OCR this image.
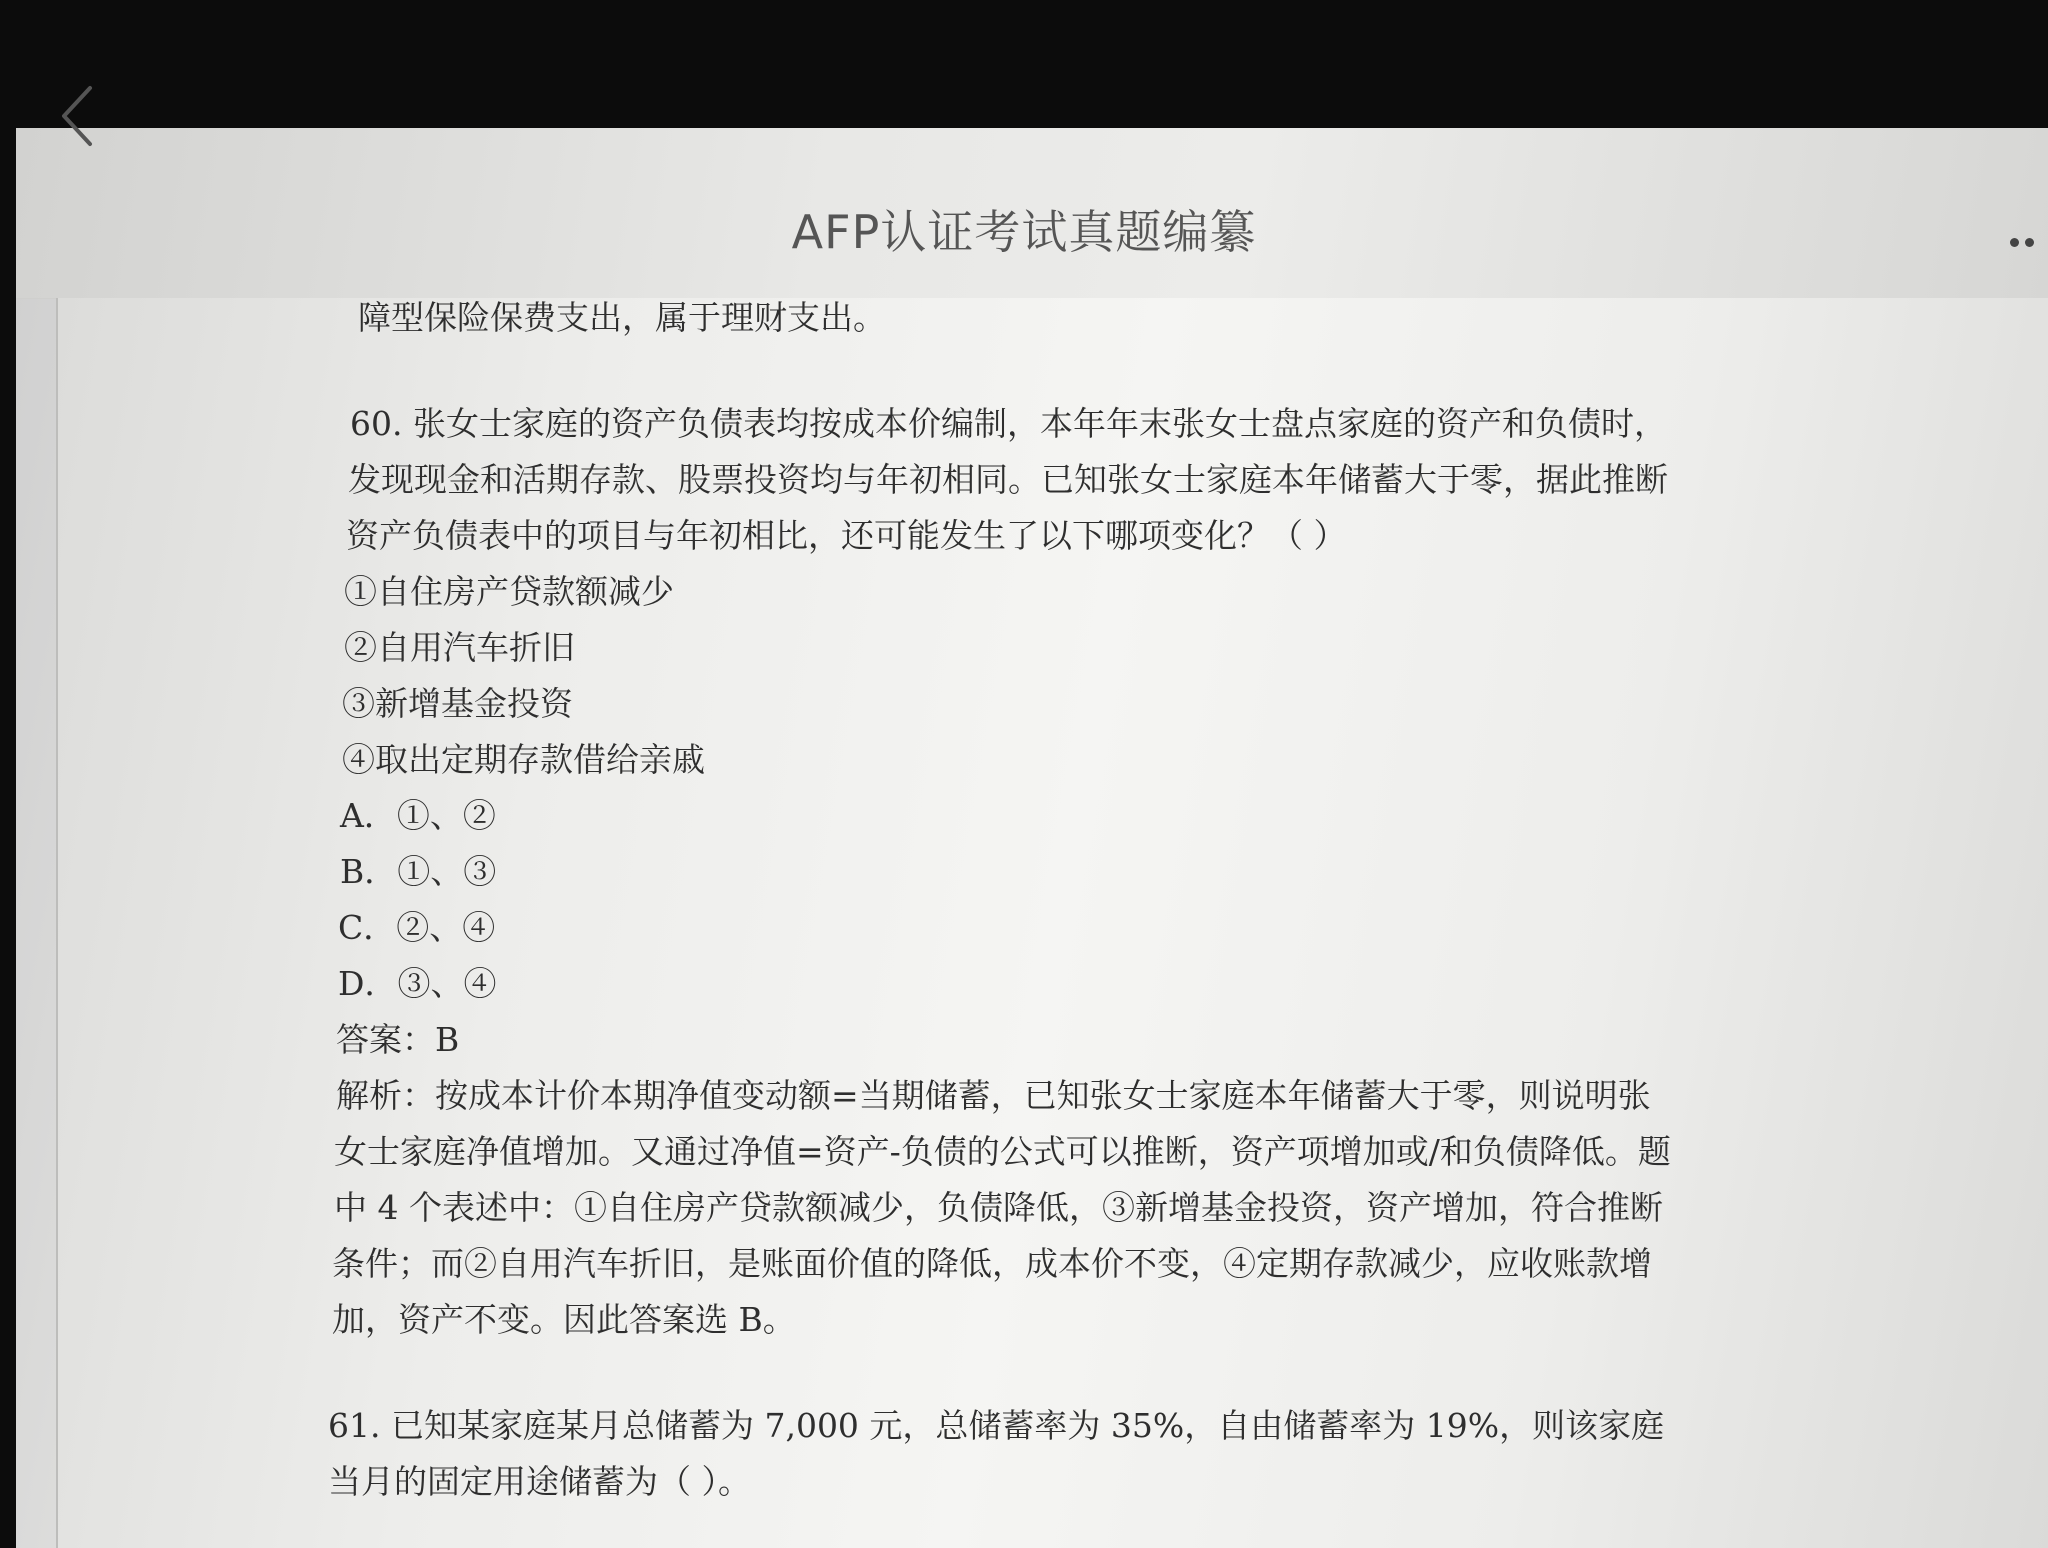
AFP认证考试真题编纂
障型保险保费支出，属于理财支出。
60. 张女士家庭的资产负债表均按成本价编制，本年年末张女士盘点家庭的资产和负债时，
发现现金和活期存款、股票投资均与年初相同。已知张女士家庭本年储蓄大于零，据此推断
资产负债表中的项目与年初相比，还可能发生了以下哪项变化？（ ）
①自住房产贷款额减少
②自用汽车折旧
③新增基金投资
④取出定期存款借给亲戚
A．①、②
B．①、③
C．②、④
D．③、④
答案：B
解析：按成本计价本期净值变动额=当期储蓄，已知张女士家庭本年储蓄大于零，则说明张
女士家庭净值增加。又通过净值=资产-负债的公式可以推断，资产项增加或/和负债降低。题
中 4 个表述中：①自住房产贷款额减少，负债降低，③新增基金投资，资产增加，符合推断
条件；而②自用汽车折旧，是账面价值的降低，成本价不变，④定期存款减少，应收账款增
加，资产不变。因此答案选 B。
61. 已知某家庭某月总储蓄为 7,000 元，总储蓄率为 35%，自由储蓄率为 19%，则该家庭
当月的固定用途储蓄为（ ）。
